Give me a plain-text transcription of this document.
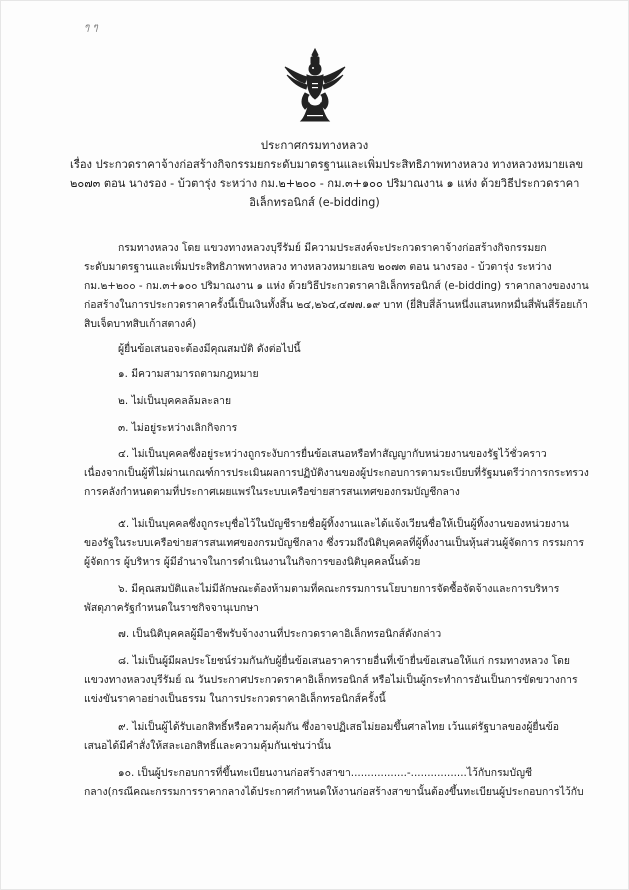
ๆ ๆ
ประกาศกรมทางหลวง
เรื่อง ประกวดราคาจ้างก่อสร้างกิจกรรมยกระดับมาตรฐานและเพิ่มประสิทธิภาพทางหลวง ทางหลวงหมายเลข
๒๐๗๓ ตอน นางรอง - บ้วตารุ่ง ระหว่าง กม.๒+๒๐๐ - กม.๓+๑๐๐ ปริมาณงาน ๑ แห่ง ด้วยวิธีประกวดราคา
อิเล็กทรอนิกส์ (e-bidding)
กรมทางหลวง โดย แขวงทางหลวงบุรีรัมย์ มีความประสงค์จะประกวดราคาจ้างก่อสร้างกิจกรรมยก
ระดับมาตรฐานและเพิ่มประสิทธิภาพทางหลวง ทางหลวงหมายเลข ๒๐๗๓ ตอน นางรอง - บ้วตารุ่ง ระหว่าง
กม.๒+๒๐๐ - กม.๓+๑๐๐ ปริมาณงาน ๑ แห่ง ด้วยวิธีประกวดราคาอิเล็กทรอนิกส์ (e-bidding) ราคากลางของงาน
ก่อสร้างในการประกวดราคาครั้งนี้เป็นเงินทั้งสิ้น ๒๔,๒๖๔,๔๗๗.๑๙ บาท (ยี่สิบสี่ล้านหนึ่งแสนหกหมื่นสี่พันสี่ร้อยเก้า
สิบเจ็ดบาทสิบเก้าสตางค์)
ผู้ยื่นข้อเสนอจะต้องมีคุณสมบัติ ดังต่อไปนี้
๑. มีความสามารถตามกฎหมาย
๒. ไม่เป็นบุคคลล้มละลาย
๓. ไม่อยู่ระหว่างเลิกกิจการ
๔. ไม่เป็นบุคคลซึ่งอยู่ระหว่างถูกระงับการยื่นข้อเสนอหรือทำสัญญากับหน่วยงานของรัฐไว้ชั่วคราว
เนื่องจากเป็นผู้ที่ไม่ผ่านเกณฑ์การประเมินผลการปฏิบัติงานของผู้ประกอบการตามระเบียบที่รัฐมนตรีว่าการกระทรวง
การคลังกำหนดตามที่ประกาศเผยแพร่ในระบบเครือข่ายสารสนเทศของกรมบัญชีกลาง
๕. ไม่เป็นบุคคลซึ่งถูกระบุชื่อไว้ในบัญชีรายชื่อผู้ทิ้งงานและได้แจ้งเวียนชื่อให้เป็นผู้ทิ้งงานของหน่วยงาน
ของรัฐในระบบเครือข่ายสารสนเทศของกรมบัญชีกลาง ซึ่งรวมถึงนิติบุคคลที่ผู้ทิ้งงานเป็นหุ้นส่วนผู้จัดการ กรรมการ
ผู้จัดการ ผู้บริหาร ผู้มีอำนาจในการดำเนินงานในกิจการของนิติบุคคลนั้นด้วย
๖. มีคุณสมบัติและไม่มีลักษณะต้องห้ามตามที่คณะกรรมการนโยบายการจัดซื้อจัดจ้างและการบริหาร
พัสดุภาครัฐกำหนดในราชกิจจานุเบกษา
๗. เป็นนิติบุคคลผู้มีอาชีพรับจ้างงานที่ประกวดราคาอิเล็กทรอนิกส์ดังกล่าว
๘. ไม่เป็นผู้มีผลประโยชน์ร่วมกันกับผู้ยื่นข้อเสนอราคารายอื่นที่เข้ายื่นข้อเสนอให้แก่ กรมทางหลวง โดย
แขวงทางหลวงบุรีรัมย์ ณ วันประกาศประกวดราคาอิเล็กทรอนิกส์ หรือไม่เป็นผู้กระทำการอันเป็นการขัดขวางการ
แข่งขันราคาอย่างเป็นธรรม ในการประกวดราคาอิเล็กทรอนิกส์ครั้งนี้
๙. ไม่เป็นผู้ได้รับเอกสิทธิ์หรือความคุ้มกัน ซึ่งอาจปฏิเสธไม่ยอมขึ้นศาลไทย เว้นแต่รัฐบาลของผู้ยื่นข้อ
เสนอได้มีคำสั่งให้สละเอกสิทธิ์และความคุ้มกันเช่นว่านั้น
๑๐. เป็นผู้ประกอบการที่ขึ้นทะเบียนงานก่อสร้างสาขา.................-.................ไว้กับกรมบัญชี
กลาง(กรณีคณะกรรมการราคากลางได้ประกาศกำหนดให้งานก่อสร้างสาขานั้นต้องขึ้นทะเบียนผู้ประกอบการไว้กับ
